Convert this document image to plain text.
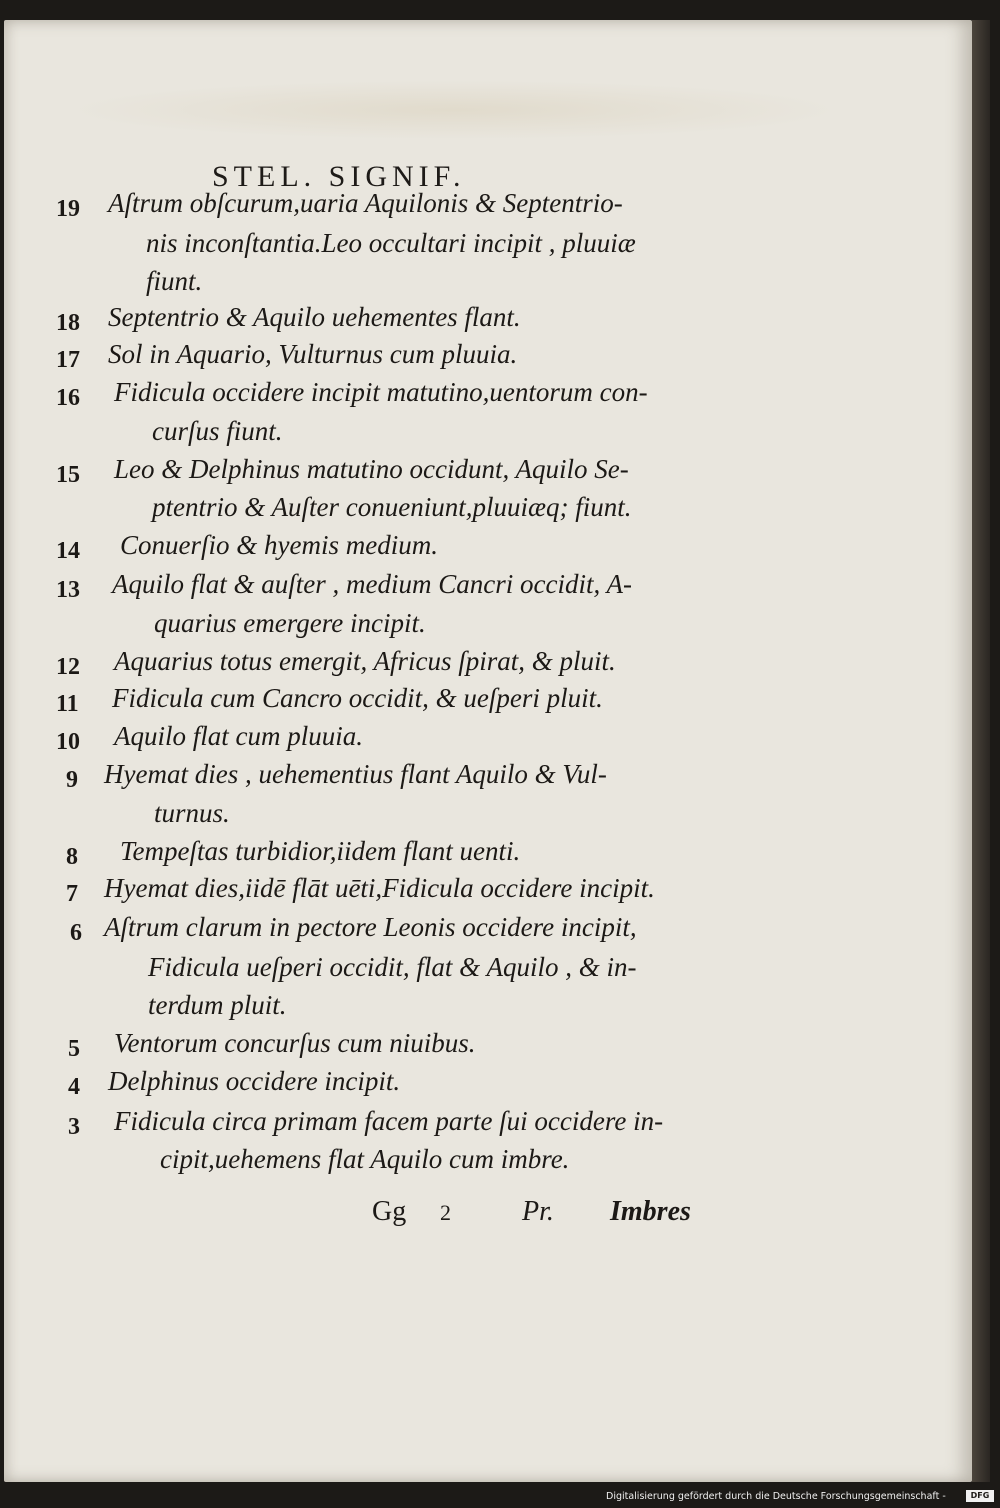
STEL. SIGNIF.
19 Aſtrum obſcurum,uaria Aquilonis & Septentrio-
nis inconſtantia.Leo occultari incipit , pluuiæ
fiunt.
18 Septentrio & Aquilo uehementes flant.
17 Sol in Aquario, Vulturnus cum pluuia.
16 Fidicula occidere incipit matutino,uentorum con-
curſus fiunt.
15 Leo & Delphinus matutino occidunt, Aquilo Se-
ptentrio & Auſter conueniunt,pluuiæq; fiunt.
14 Conuerſio & hyemis medium.
13 Aquilo flat & auſter , medium Cancri occidit, A-
quarius emergere incipit.
12 Aquarius totus emergit, Africus ſpirat, & pluit.
11 Fidicula cum Cancro occidit, & ueſperi pluit.
10 Aquilo flat cum pluuia.
9 Hyemat dies , uehementius flant Aquilo & Vul-
turnus.
8 Tempeſtas turbidior,iidem flant uenti.
7 Hyemat dies,iidē flāt uēti,Fidicula occidere incipit.
6 Aſtrum clarum in pectore Leonis occidere incipit,
Fidicula ueſperi occidit, flat & Aquilo , & in-
terdum pluit.
5 Ventorum concurſus cum niuibus.
4 Delphinus occidere incipit.
3 Fidicula circa primam facem parte ſui occidere in-
cipit,uehemens flat Aquilo cum imbre.
Gg 2	Pr. Imbres
Digitalisierung gefördert durch die Deutsche Forschungsgemeinschaft -	DFG
